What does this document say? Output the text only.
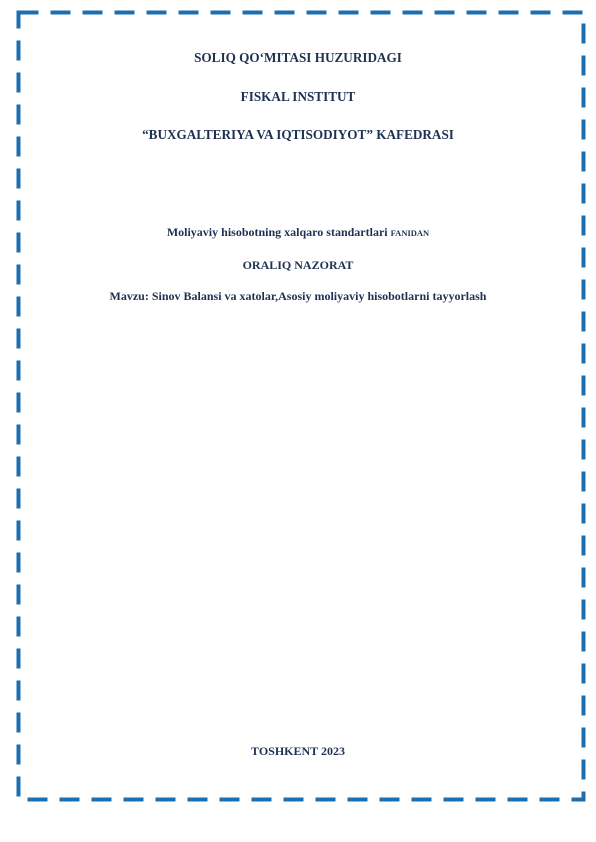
SOLIQ QO‘MITASI HUZURIDAGI
FISKAL INSTITUT
“BUXGALTERIYA VA IQTISODIYOT” KAFEDRASI
Moliyaviy hisobotning xalqaro standartlari FANIDAN
ORALIQ NAZORAT
Mavzu: Sinov Balansi va xatolar,Asosiy moliyaviy hisobotlarni tayyorlash
TOSHKENT 2023
